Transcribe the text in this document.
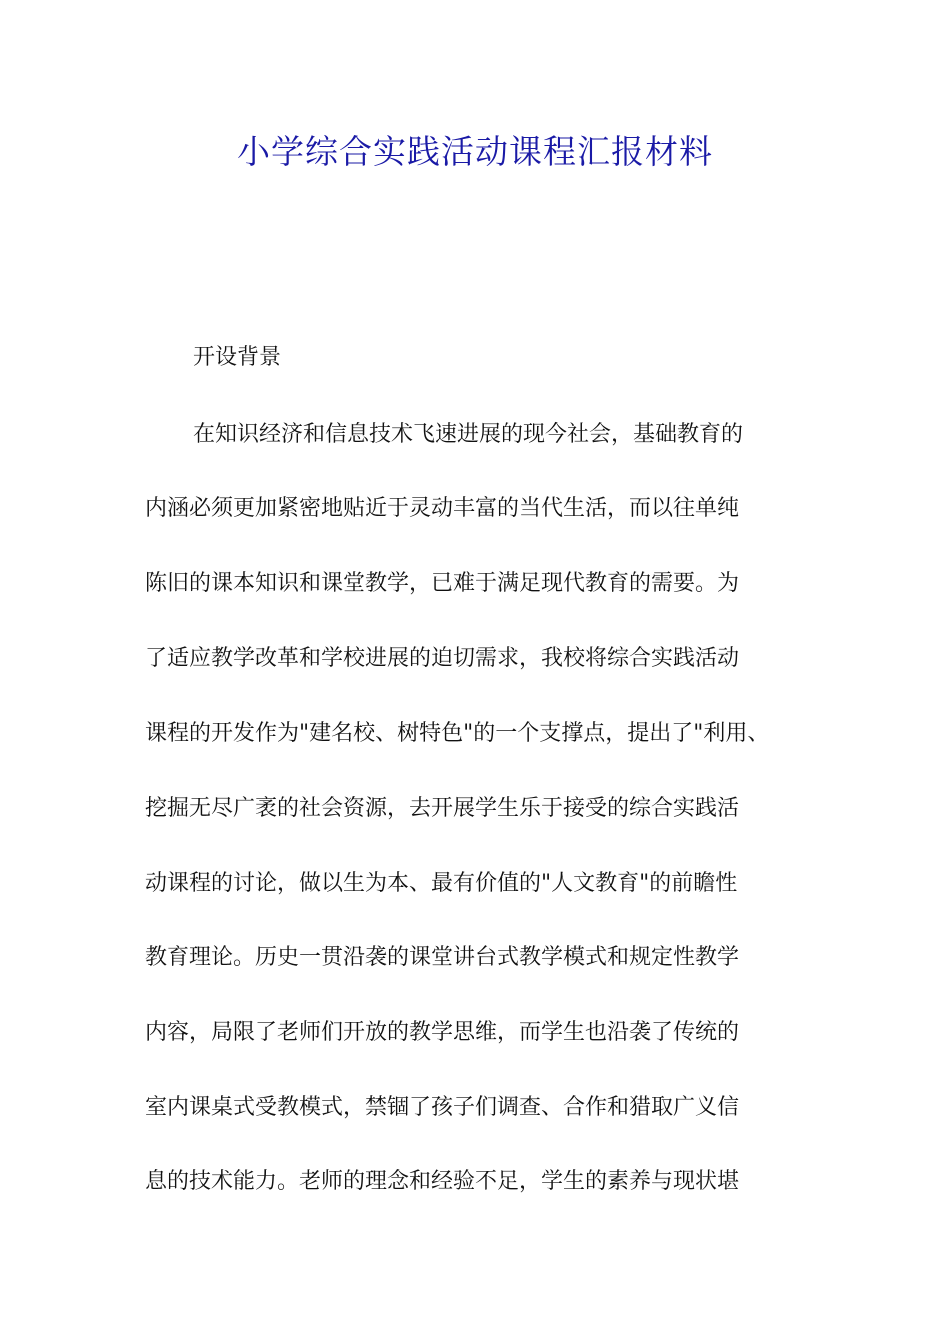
小学综合实践活动课程汇报材料
开设背景
在知识经济和信息技术飞速进展的现今社会，基础教育的
内涵必须更加紧密地贴近于灵动丰富的当代生活，而以往单纯
陈旧的课本知识和课堂教学，已难于满足现代教育的需要。为
了适应教学改革和学校进展的迫切需求，我校将综合实践活动
课程的开发作为"建名校、树特色"的一个支撑点，提出了"利用、
挖掘无尽广袤的社会资源，去开展学生乐于接受的综合实践活
动课程的讨论，做以生为本、最有价值的"人文教育"的前瞻性
教育理论。历史一贯沿袭的课堂讲台式教学模式和规定性教学
内容，局限了老师们开放的教学思维，而学生也沿袭了传统的
室内课桌式受教模式，禁锢了孩子们调查、合作和猎取广义信
息的技术能力。老师的理念和经验不足，学生的素养与现状堪
